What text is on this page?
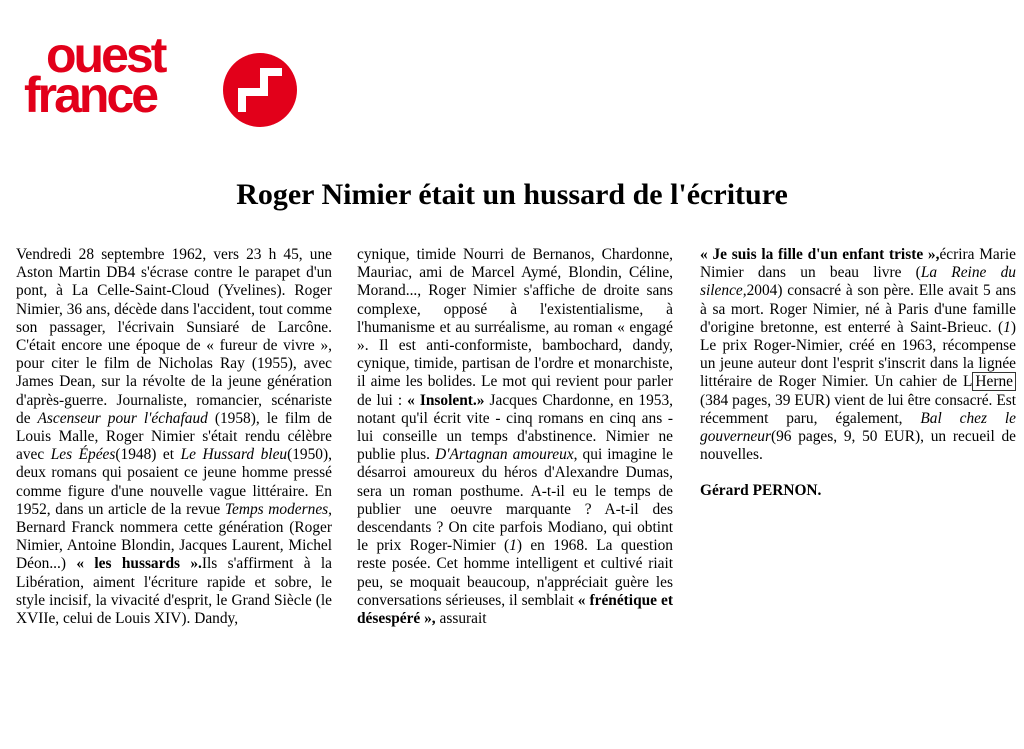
ouest
france
Roger Nimier était un hussard de l'écriture

Vendredi 28 septembre 1962, vers 23 h 45, une Aston Martin DB4 s'écrase contre le parapet d'un pont, à La Celle-Saint-Cloud (Yvelines). Roger Nimier, 36 ans, décède dans l'accident, tout comme son passager, l'écrivain Sunsiaré de Larcône. C'était encore une époque de « fureur de vivre », pour citer le film de Nicholas Ray (1955), avec James Dean, sur la révolte de la jeune génération d'après-guerre. Journaliste, romancier, scénariste de Ascenseur pour l'échafaud (1958), le film de Louis Malle, Roger Nimier s'était rendu célèbre avec Les Épées(1948) et Le Hussard bleu(1950), deux romans qui posaient ce jeune homme pressé comme figure d'une nouvelle vague littéraire. En 1952, dans un article de la revue Temps modernes, Bernard Franck nommera cette génération (Roger Nimier, Antoine Blondin, Jacques Laurent, Michel Déon...) « les hussards ».Ils s'affirment à la Libération, aiment l'écriture rapide et sobre, le style incisif, la vivacité d'esprit, le Grand Siècle (le XVIIe, celui de Louis XIV). Dandy,

cynique, timide Nourri de Bernanos, Chardonne, Mauriac, ami de Marcel Aymé, Blondin, Céline, Morand..., Roger Nimier s'affiche de droite sans complexe, opposé à l'existentialisme, à l'humanisme et au surréalisme, au roman « engagé ». Il est anti-conformiste, bambochard, dandy, cynique, timide, partisan de l'ordre et monarchiste, il aime les bolides. Le mot qui revient pour parler de lui : « Insolent.» Jacques Chardonne, en 1953, notant qu'il écrit vite - cinq romans en cinq ans - lui conseille un temps d'abstinence. Nimier ne publie plus. D'Artagnan amoureux, qui imagine le désarroi amoureux du héros d'Alexandre Dumas, sera un roman posthume. A-t-il eu le temps de publier une oeuvre marquante ? A-t-il des descendants ? On cite parfois Modiano, qui obtint le prix Roger-Nimier (1) en 1968. La question reste posée. Cet homme intelligent et cultivé riait peu, se moquait beaucoup, n'appréciait guère les conversations sérieuses, il semblait « frénétique et désespéré », assurait

« Je suis la fille d'un enfant triste »,écrira Marie Nimier dans un beau livre (La Reine du silence,2004) consacré à son père. Elle avait 5 ans à sa mort. Roger Nimier, né à Paris d'une famille d'origine bretonne, est enterré à Saint-Brieuc. (1) Le prix Roger-Nimier, créé en 1963, récompense un jeune auteur dont l'esprit s'inscrit dans la lignée littéraire de Roger Nimier. Un cahier de L Herne (384 pages, 39 EUR) vient de lui être consacré. Est récemment paru, également, Bal chez le gouverneur(96 pages, 9, 50 EUR), un recueil de nouvelles.

Gérard PERNON.
